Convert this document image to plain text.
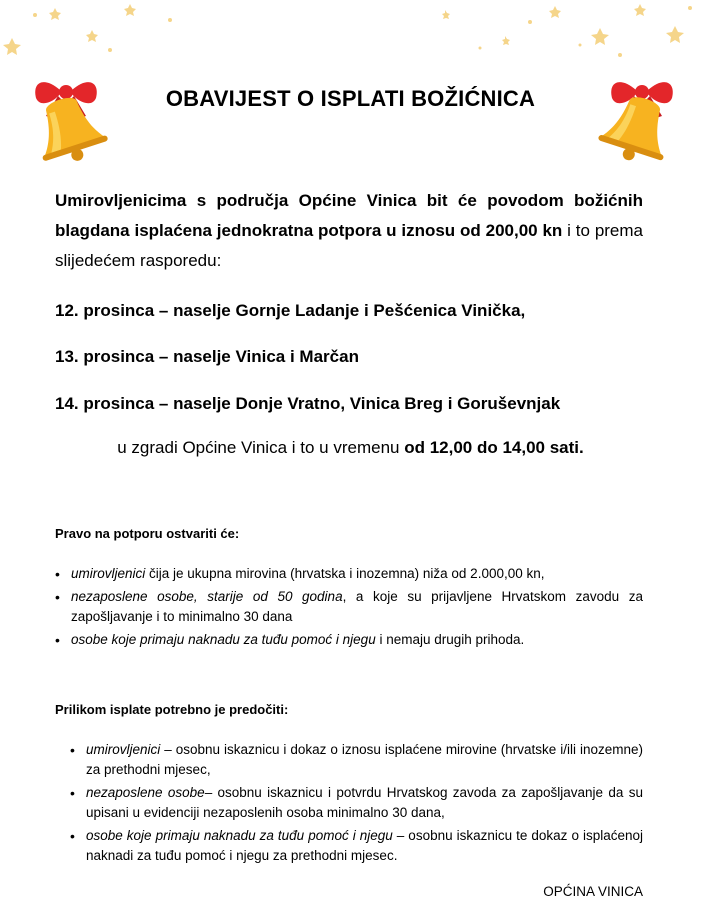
OBAVIJEST O ISPLATI BOŽIĆNICA
Umirovljenicima s područja Općine Vinica bit će povodom božićnih blagdana isplaćena jednokratna potpora u iznosu od 200,00 kn i to prema slijedećem rasporedu:
12. prosinca – naselje Gornje Ladanje i Pešćenica Vinička,
13. prosinca – naselje Vinica i Marčan
14. prosinca – naselje Donje Vratno, Vinica Breg i Goruševnjak
u zgradi Općine Vinica i to u vremenu od 12,00 do 14,00 sati.
Pravo na potporu ostvariti će:
• umirovljenici čija je ukupna mirovina (hrvatska i inozemna) niža od 2.000,00 kn,
• nezaposlene osobe, starije od 50 godina, a koje su prijavljene Hrvatskom zavodu za zapošljavanje i to minimalno 30 dana
• osobe koje primaju naknadu za tuđu pomoć i njegu i nemaju drugih prihoda.
Prilikom isplate potrebno je predočiti:
• umirovljenici – osobnu iskaznicu i dokaz o iznosu isplaćene mirovine (hrvatske i/ili inozemne) za prethodni mjesec,
• nezaposlene osobe– osobnu iskaznicu i potvrdu Hrvatskog zavoda za zapošljavanje da su upisani u evidenciji nezaposlenih osoba minimalno 30 dana,
• osobe koje primaju naknadu za tuđu pomoć i njegu – osobnu iskaznicu te dokaz o isplaćenoj naknadi za tuđu pomoć i njegu za prethodni mjesec.
OPĆINA VINICA
